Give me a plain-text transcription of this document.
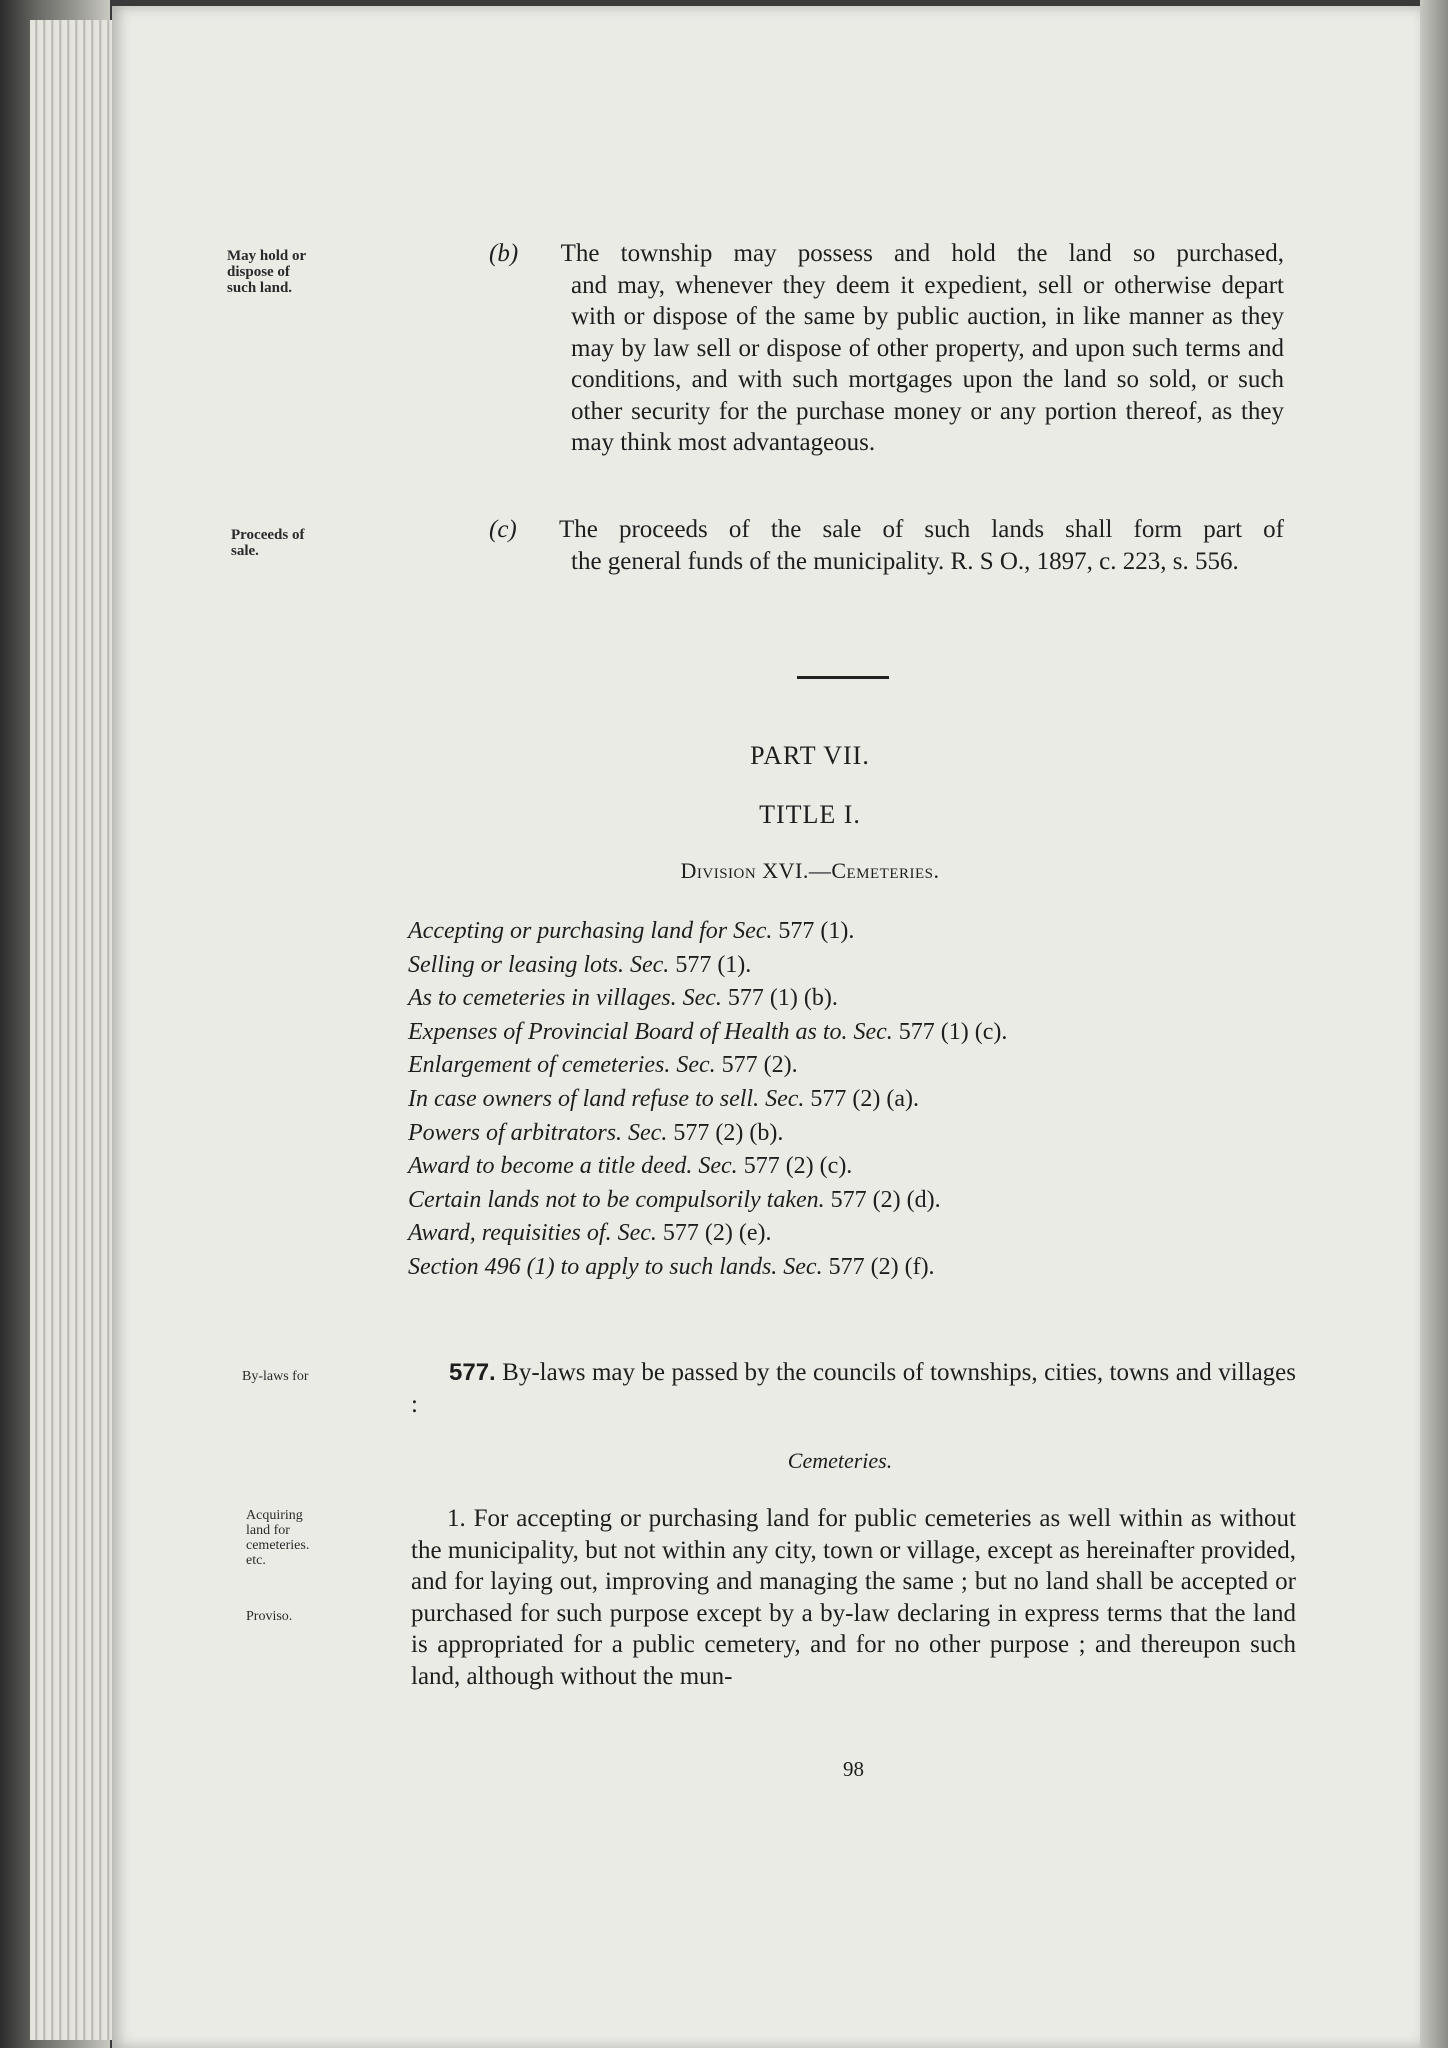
May hold or
dispose of
such land.
Proceeds of
sale.
By-laws for
Acquiring
land for
cemeteries.
etc.
Proviso.
(b) The township may possess and hold the land so purchased,
and may, whenever they deem it expedient, sell or otherwise depart with or dispose of the same by public auction, in like manner as they may by law sell or dispose of other property, and upon such terms and conditions, and with such mortgages upon the land so sold, or such other security for the purchase money or any portion thereof, as they may think most advantageous.
(c) The proceeds of the sale of such lands shall form part of
the general funds of the municipality. R. S O., 1897, c. 223, s. 556.
PART VII.
TITLE I.
Division XVI.—Cemeteries.
Accepting or purchasing land for Sec. 577 (1).
Selling or leasing lots. Sec. 577 (1).
As to cemeteries in villages. Sec. 577 (1) (b).
Expenses of Provincial Board of Health as to. Sec. 577 (1) (c).
Enlargement of cemeteries. Sec. 577 (2).
In case owners of land refuse to sell. Sec. 577 (2) (a).
Powers of arbitrators. Sec. 577 (2) (b).
Award to become a title deed. Sec. 577 (2) (c).
Certain lands not to be compulsorily taken. 577 (2) (d).
Award, requisities of. Sec. 577 (2) (e).
Section 496 (1) to apply to such lands. Sec. 577 (2) (f).
577. By-laws may be passed by the councils of townships, cities, towns and villages :
Cemeteries.
1. For accepting or purchasing land for public cemeteries as well within as without the municipality, but not within any city, town or village, except as hereinafter provided, and for laying out, improving and managing the same ; but no land shall be accepted or purchased for such purpose except by a by-law declaring in express terms that the land is appropriated for a public cemetery, and for no other purpose ; and thereupon such land, although without the mun-
98
